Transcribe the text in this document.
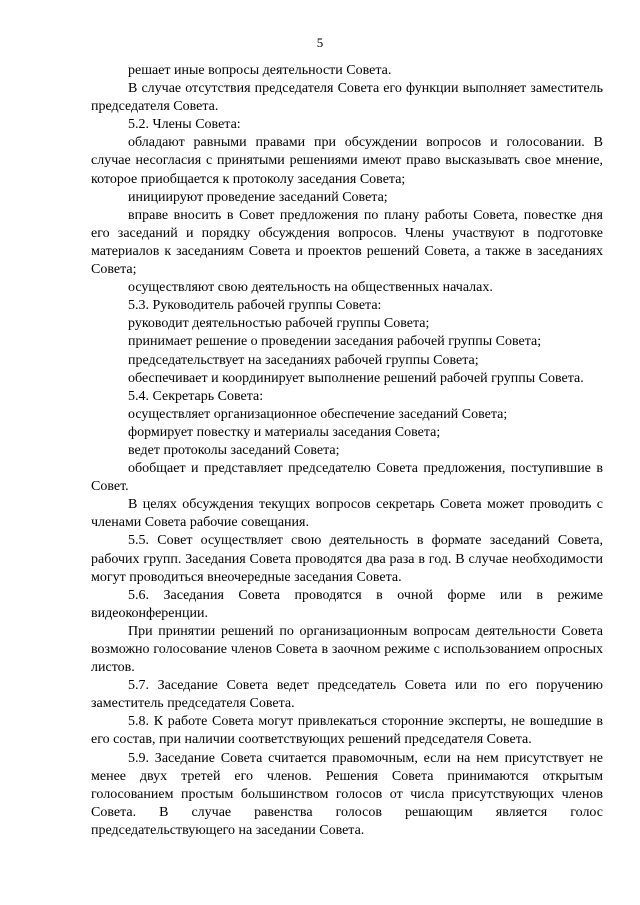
5

решает иные вопросы деятельности Совета.

В случае отсутствия председателя Совета его функции выполняет заместитель председателя Совета.

5.2. Члены Совета:

обладают равными правами при обсуждении вопросов и голосовании. В случае несогласия с принятыми решениями имеют право высказывать свое мнение, которое приобщается к протоколу заседания Совета;

инициируют проведение заседаний Совета;

вправе вносить в Совет предложения по плану работы Совета, повестке дня его заседаний и порядку обсуждения вопросов. Члены участвуют в подготовке материалов к заседаниям Совета и проектов решений Совета, а также в заседаниях Совета;

осуществляют свою деятельность на общественных началах.

5.3. Руководитель рабочей группы Совета:

руководит деятельностью рабочей группы Совета;

принимает решение о проведении заседания рабочей группы Совета;

председательствует на заседаниях рабочей группы Совета;

обеспечивает и координирует выполнение решений рабочей группы Совета.

5.4. Секретарь Совета:

осуществляет организационное обеспечение заседаний Совета;

формирует повестку и материалы заседания Совета;

ведет протоколы заседаний Совета;

обобщает и представляет председателю Совета предложения, поступившие в Совет.

В целях обсуждения текущих вопросов секретарь Совета может проводить с членами Совета рабочие совещания.

5.5. Совет осуществляет свою деятельность в формате заседаний Совета, рабочих групп. Заседания Совета проводятся два раза в год. В случае необходимости могут проводиться внеочередные заседания Совета.

5.6. Заседания Совета проводятся в очной форме или в режиме видеоконференции.

При принятии решений по организационным вопросам деятельности Совета возможно голосование членов Совета в заочном режиме с использованием опросных листов.

5.7. Заседание Совета ведет председатель Совета или по его поручению заместитель председателя Совета.

5.8. К работе Совета могут привлекаться сторонние эксперты, не вошедшие в его состав, при наличии соответствующих решений председателя Совета.

5.9. Заседание Совета считается правомочным, если на нем присутствует не менее двух третей его членов. Решения Совета принимаются открытым голосованием простым большинством голосов от числа присутствующих членов Совета. В случае равенства голосов решающим является голос председательствующего на заседании Совета.
